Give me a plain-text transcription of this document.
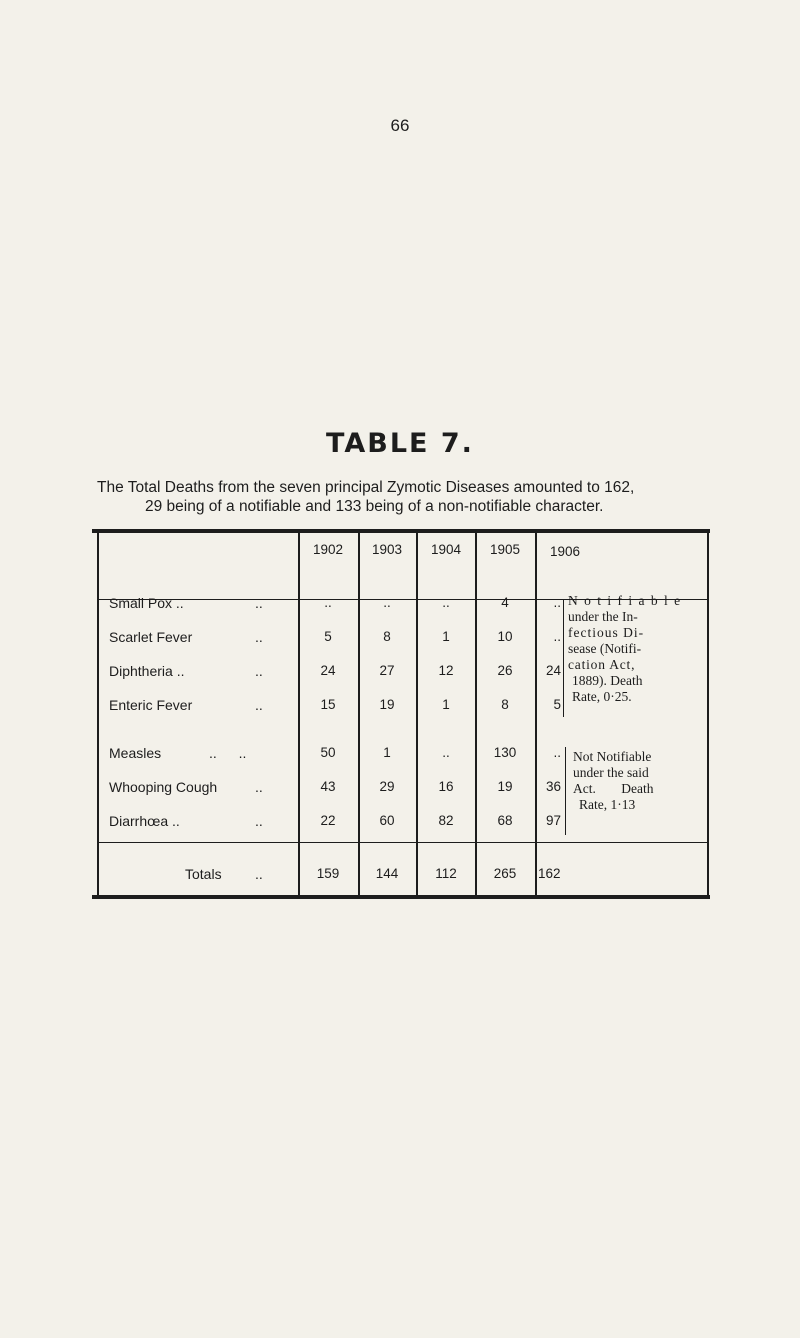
66
TABLE 7.
The Total Deaths from the seven principal Zymotic Diseases amounted to 162,
29 being of a notifiable and 133 being of a non-notifiable character.
1902	1903	1904	1905	1906
Small Pox ..	..	..	..	..	4	..
Scarlet Fever	..	5	8	1	10	..
Diphtheria ..	..	24	27	12	26	24
Enteric Fever	..	15	19	1	8	5
N o t i f i a b l e
under the In-
fectious Di-
sease (Notifi-
cation Act,
1889). Death
Rate, 0·25.
Measles	.. ..	50	1	..	130	..
Whooping Cough	..	43	29	16	19	36
Diarrhœa ..	..	22	60	82	68	97
Not Notifiable
under the said
Act. Death
Rate, 1·13
Totals ..	159	144	112	265	162
